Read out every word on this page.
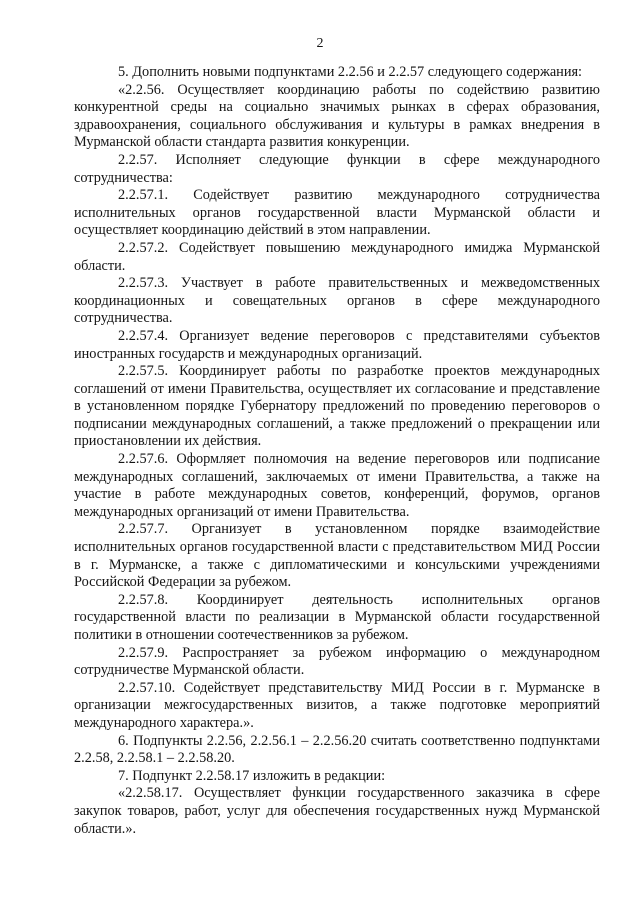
2

5. Дополнить новыми подпунктами 2.2.56 и 2.2.57 следующего содержания:

«2.2.56. Осуществляет координацию работы по содействию развитию конкурентной среды на социально значимых рынках в сферах образования, здравоохранения, социального обслуживания и культуры в рамках внедрения в Мурманской области стандарта развития конкуренции.

2.2.57. Исполняет следующие функции в сфере международного сотрудничества:

2.2.57.1. Содействует развитию международного сотрудничества исполнительных органов государственной власти Мурманской области и осуществляет координацию действий в этом направлении.

2.2.57.2. Содействует повышению международного имиджа Мурманской области.

2.2.57.3. Участвует в работе правительственных и межведомственных координационных и совещательных органов в сфере международного сотрудничества.

2.2.57.4. Организует ведение переговоров с представителями субъектов иностранных государств и международных организаций.

2.2.57.5. Координирует работы по разработке проектов международных соглашений от имени Правительства, осуществляет их согласование и представление в установленном порядке Губернатору предложений по проведению переговоров о подписании международных соглашений, а также предложений о прекращении или приостановлении их действия.

2.2.57.6. Оформляет полномочия на ведение переговоров или подписание международных соглашений, заключаемых от имени Правительства, а также на участие в работе международных советов, конференций, форумов, органов международных организаций от имени Правительства.

2.2.57.7. Организует в установленном порядке взаимодействие исполнительных органов государственной власти с представительством МИД России в г. Мурманске, а также с дипломатическими и консульскими учреждениями Российской Федерации за рубежом.

2.2.57.8. Координирует деятельность исполнительных органов государственной власти по реализации в Мурманской области государственной политики в отношении соотечественников за рубежом.

2.2.57.9. Распространяет за рубежом информацию о международном сотрудничестве Мурманской области.

2.2.57.10. Содействует представительству МИД России в г. Мурманске в организации межгосударственных визитов, а также подготовке мероприятий международного характера.».

6. Подпункты 2.2.56, 2.2.56.1 – 2.2.56.20 считать соответственно подпунктами 2.2.58, 2.2.58.1 – 2.2.58.20.

7. Подпункт 2.2.58.17 изложить в редакции:

«2.2.58.17. Осуществляет функции государственного заказчика в сфере закупок товаров, работ, услуг для обеспечения государственных нужд Мурманской области.».
